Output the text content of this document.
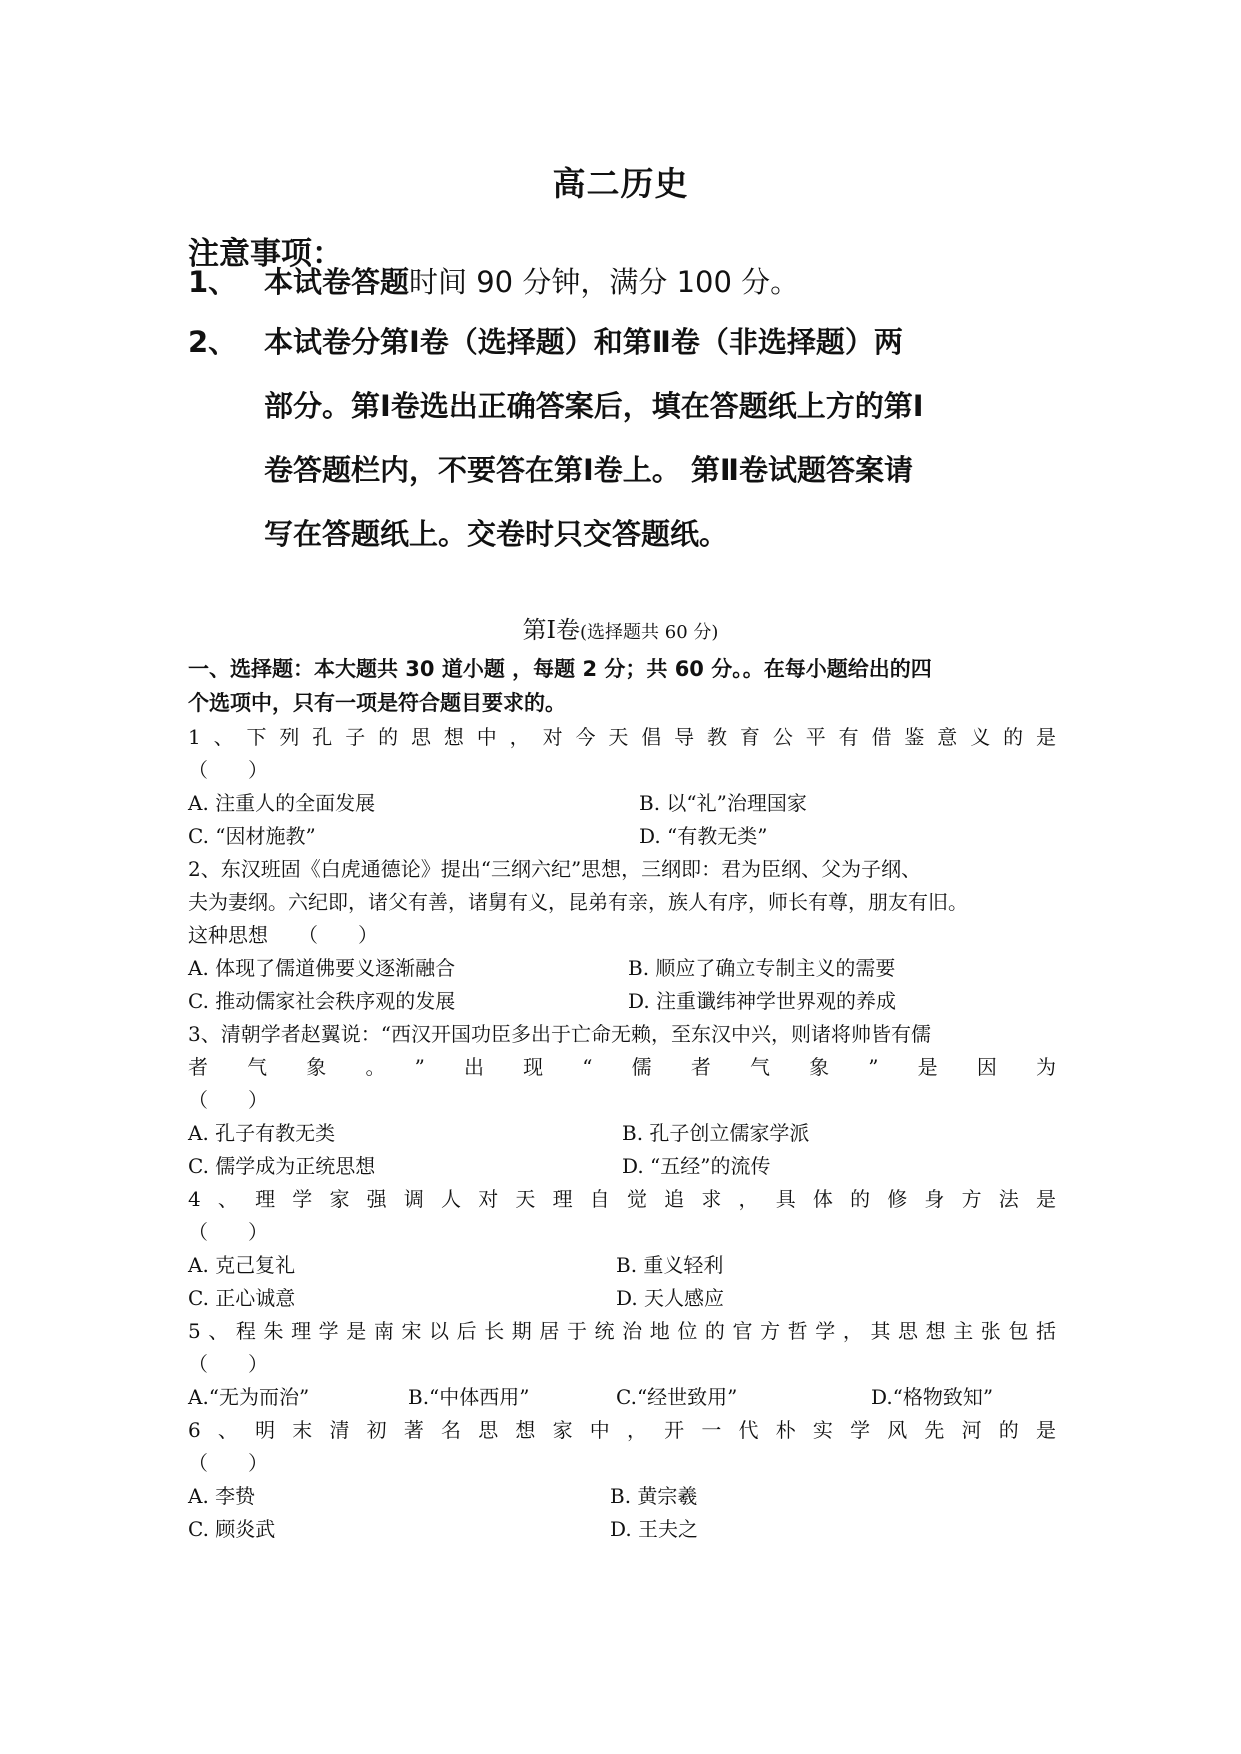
高二历史
注意事项：
1、 本试卷答题时间 90 分钟，满分 100 分。
2、 本试卷分第Ⅰ卷（选择题）和第Ⅱ卷（非选择题）两
部分。第Ⅰ卷选出正确答案后，填在答题纸上方的第Ⅰ
卷答题栏内，不要答在第Ⅰ卷上。 第Ⅱ卷试题答案请
写在答题纸上。交卷时只交答题纸。
第Ⅰ卷(选择题共 60 分)
一、选择题：本大题共 30 道小题 ，每题 2 分；共 60 分。。在每小题给出的四
个选项中，只有一项是符合题目要求的。
1、下列孔子的思想中，对今天倡导教育公平有借鉴意义的是
（　　）
A. 注重人的全面发展	B. 以“礼”治理国家
C. “因材施教”	D. “有教无类”
2、东汉班固《白虎通德论》提出“三纲六纪”思想，三纲即：君为臣纲、父为子纲、
夫为妻纲。六纪即，诸父有善，诸舅有义，昆弟有亲，族人有序，师长有尊，朋友有旧。
这种思想　　（　　）
A. 体现了儒道佛要义逐渐融合	B. 顺应了确立专制主义的需要
C. 推动儒家社会秩序观的发展	D. 注重谶纬神学世界观的养成
3、清朝学者赵翼说：“西汉开国功臣多出于亡命无赖，至东汉中兴，则诸将帅皆有儒
者气象。”出现“儒者气象”是因为
（　　）
A. 孔子有教无类	B. 孔子创立儒家学派
C. 儒学成为正统思想	D. “五经”的流传
4、理学家强调人对天理自觉追求，具体的修身方法是
（　　）
A. 克己复礼	B. 重义轻利
C. 正心诚意	D. 天人感应
5、程朱理学是南宋以后长期居于统治地位的官方哲学，其思想主张包括
（　　）
A.“无为而治”	B.“中体西用”	C.“经世致用”	D.“格物致知”
6、明末清初著名思想家中，开一代朴实学风先河的是
（　　）
A. 李贽	B. 黄宗羲
C. 顾炎武	D. 王夫之
